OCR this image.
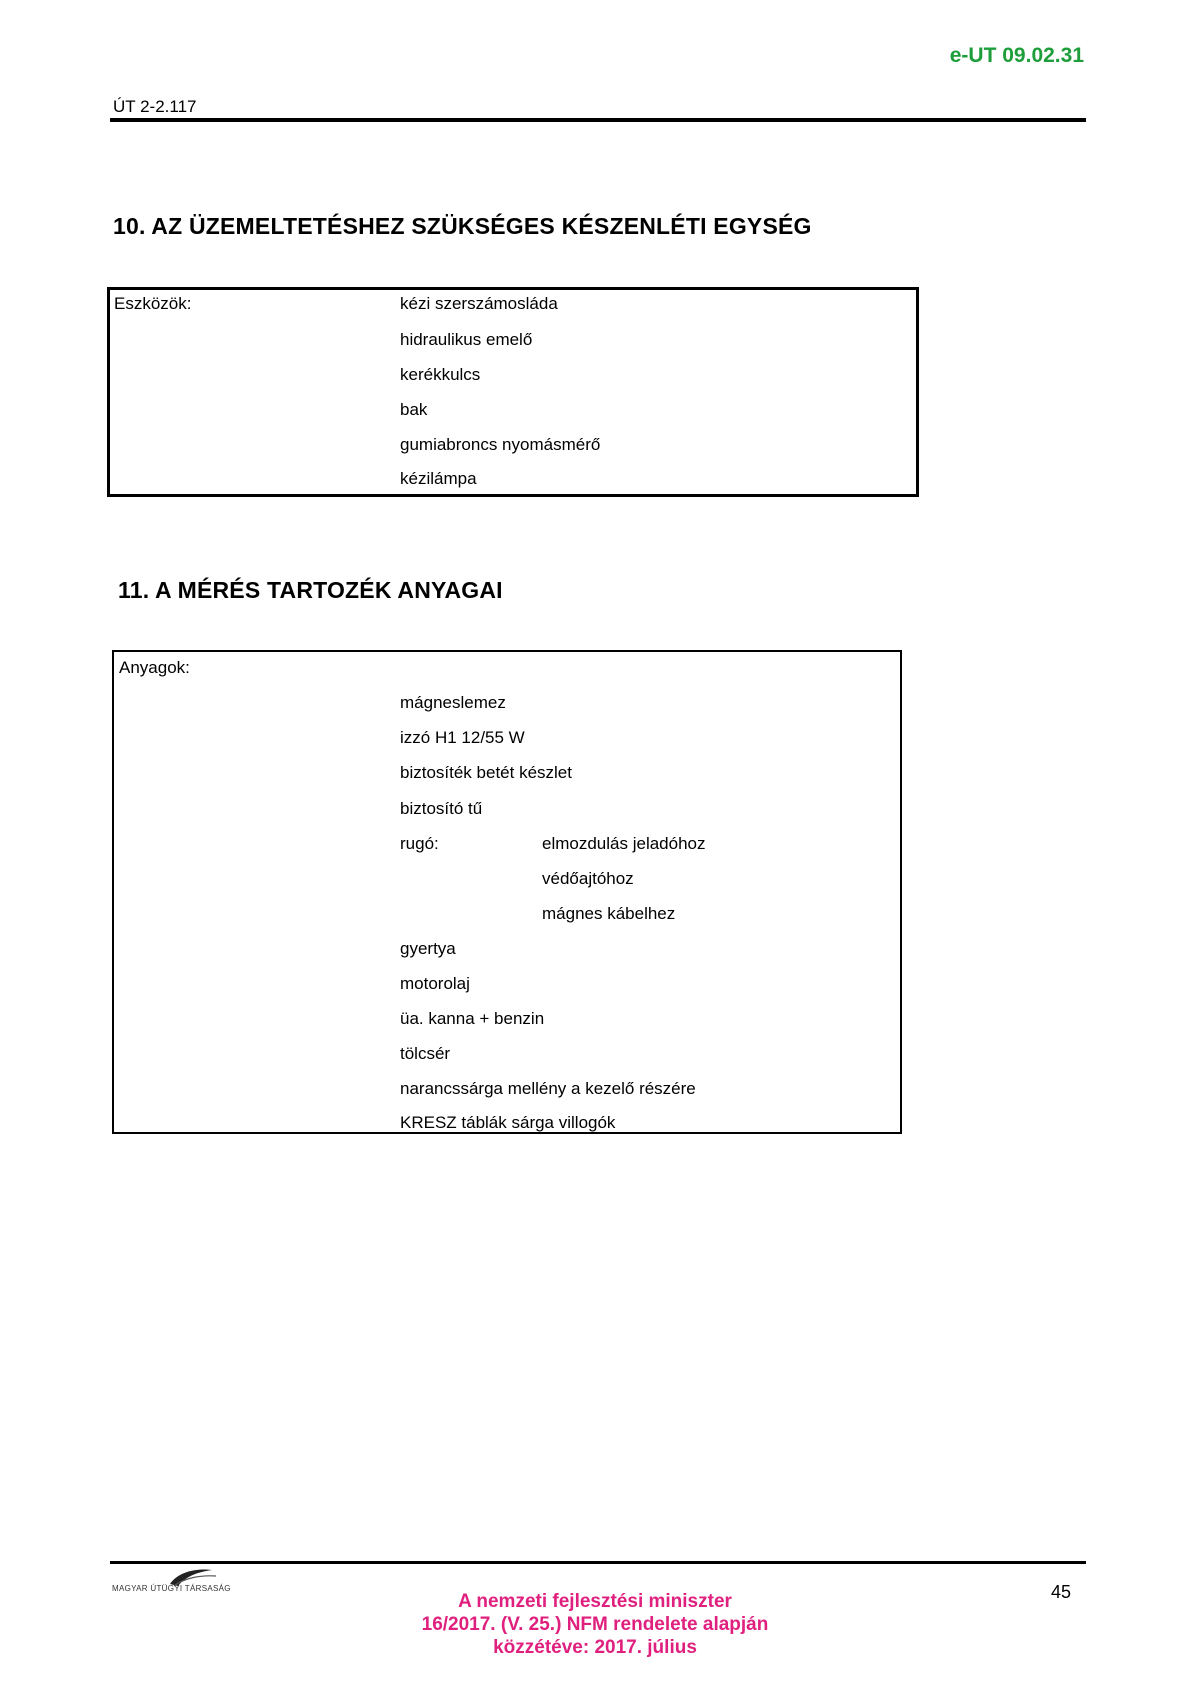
e-UT 09.02.31
ÚT 2-2.117
10. AZ ÜZEMELTETÉSHEZ SZÜKSÉGES KÉSZENLÉTI EGYSÉG
Eszközök:	kézi szerszámosláda
hidraulikus emelő
kerékkulcs
bak
gumiabroncs nyomásmérő
kézilámpa
11. A MÉRÉS TARTOZÉK ANYAGAI
Anyagok:
mágneslemez
izzó H1 12/55 W
biztosíték betét készlet
biztosító tű
rugó:	elmozdulás jeladóhoz
védőajtóhoz
mágnes kábelhez
gyertya
motorolaj
üa. kanna + benzin
tölcsér
narancssárga mellény a kezelő részére
KRESZ táblák sárga villogók
MAGYAR ÚTÜGYI TÁRSASÁG	45
A nemzeti fejlesztési miniszter
16/2017. (V. 25.) NFM rendelete alapján
közzétéve: 2017. július
